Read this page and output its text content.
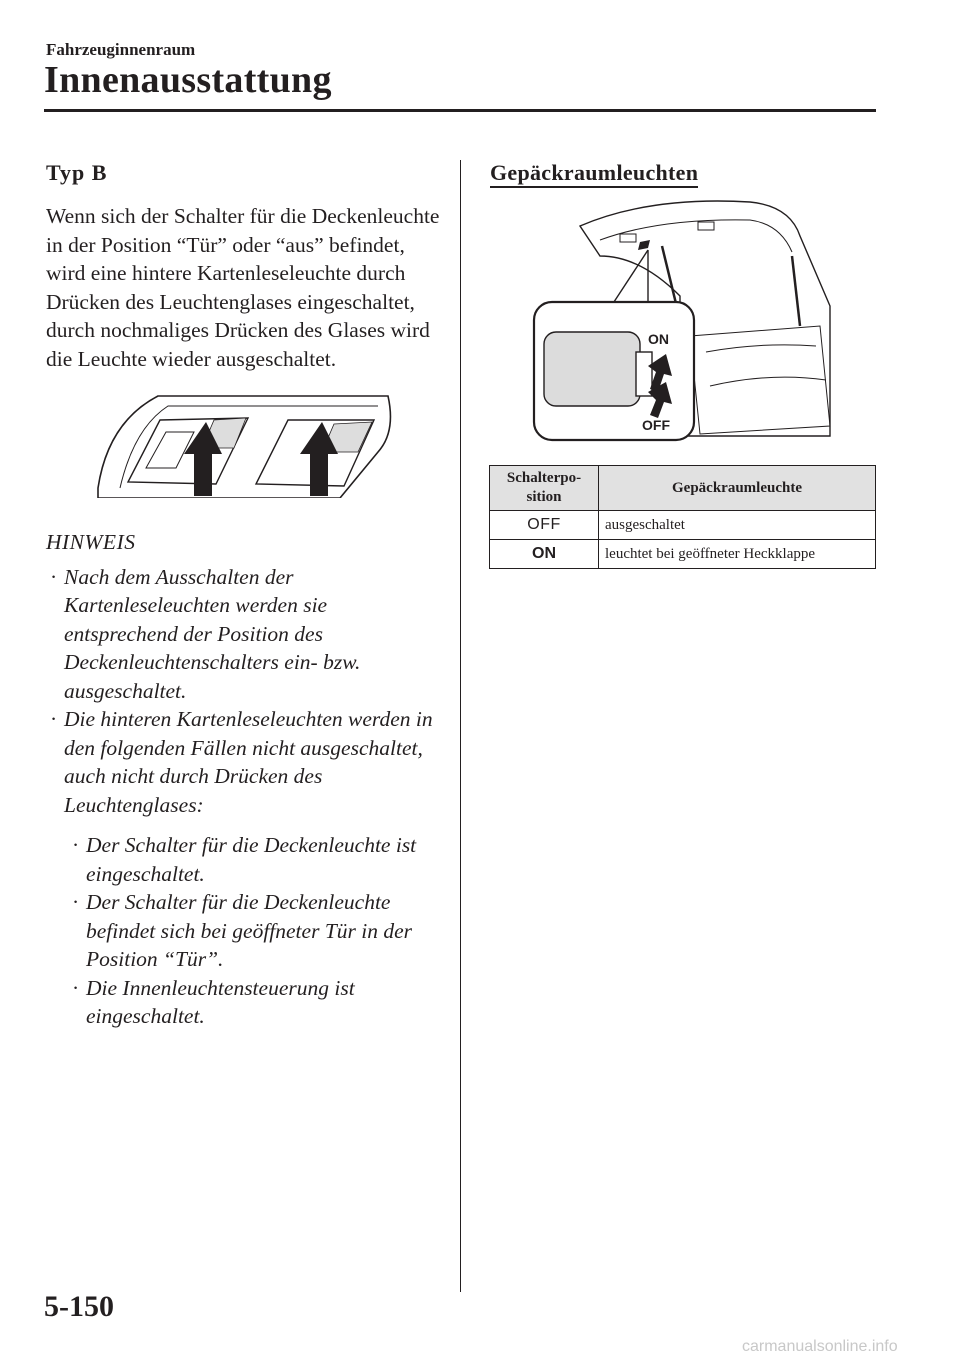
Fahrzeuginnenraum
Innenausstattung
Typ B

Wenn sich der Schalter für die Deckenleuchte in der Position “Tür” oder “aus” befindet, wird eine hintere Kartenleseleuchte durch Drücken des Leuchtenglases eingeschaltet, durch nochmaliges Drücken des Glases wird die Leuchte wieder ausgeschaltet.

HINWEIS

· Nach dem Ausschalten der Kartenleseleuchten werden sie entsprechend der Position des Deckenleuchtenschalters ein- bzw. ausgeschaltet.

· Die hinteren Kartenleseleuchten werden in den folgenden Fällen nicht ausgeschaltet, auch nicht durch Drücken des Leuchtenglases:

· Der Schalter für die Deckenleuchte ist eingeschaltet.

· Der Schalter für die Deckenleuchte befindet sich bei geöffneter Tür in der Position “Tür”.

· Die Innenleuchtensteuerung ist eingeschaltet.

Gepäckraumleuchten
ON
OFF
Schalterpo-
sition	Gepäckraumleuchte
OFF	ausgeschaltet
ON	leuchtet bei geöffneter Heckklappe
5-150
carmanualsonline.info
